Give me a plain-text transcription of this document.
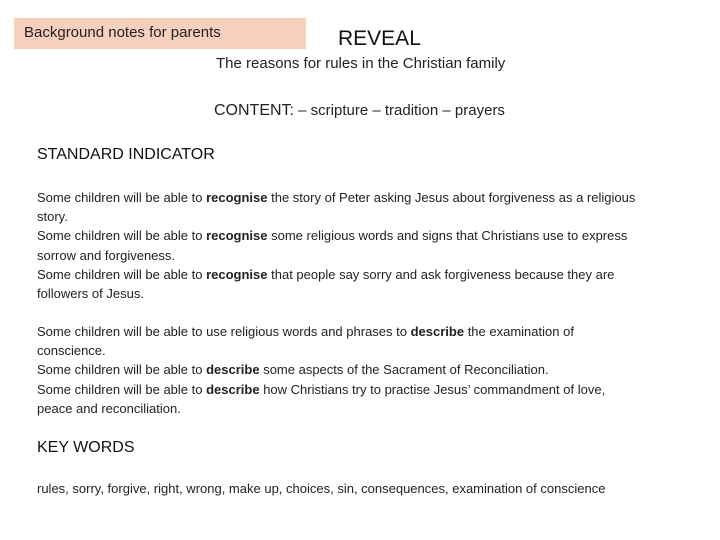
Background notes for parents	REVEAL
The reasons for rules in the Christian family
CONTENT: – scripture – tradition – prayers
STANDARD INDICATOR
Some children will be able to recognise the story of Peter asking Jesus about forgiveness as a religious
story.
Some children will be able to recognise some religious words and signs that Christians use to express
sorrow and forgiveness.
Some children will be able to recognise that people say sorry and ask forgiveness because they are
followers of Jesus.
Some children will be able to use religious words and phrases to describe the examination of
conscience.
Some children will be able to describe some aspects of the Sacrament of Reconciliation.
Some children will be able to describe how Christians try to practise Jesus’ commandment of love,
peace and reconciliation.
KEY WORDS
rules, sorry, forgive, right, wrong, make up, choices, sin, consequences, examination of conscience
